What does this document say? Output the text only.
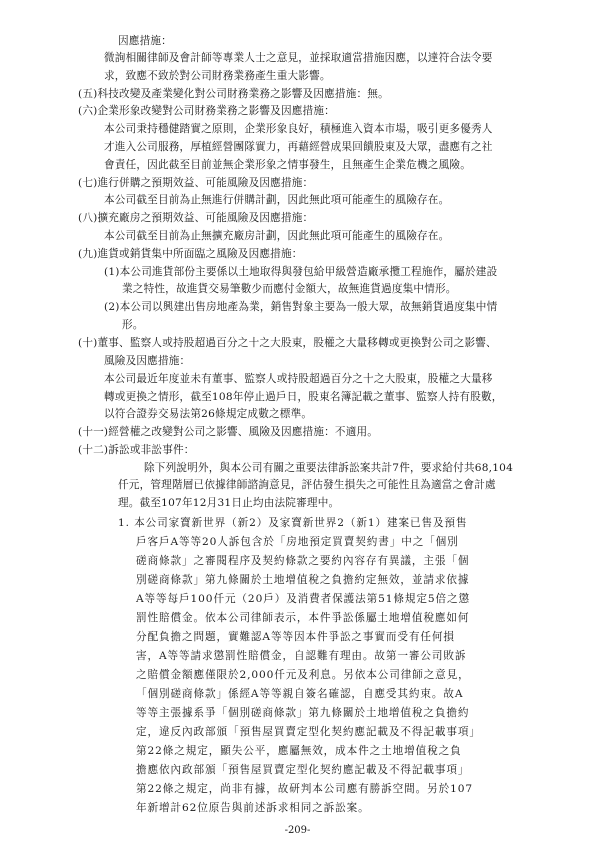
因應措施：
微詢相關律師及會計師等專業人士之意見，並採取適當措施因應，以達符合法令要
求，致應不致於對公司財務業務產生重大影響。
(五)科技改變及產業變化對公司財務業務之影響及因應措施：無。
(六)企業形象改變對公司財務業務之影響及因應措施：
本公司秉持穩健踏實之原則，企業形象良好，積極進入資本市場，吸引更多優秀人
才進入公司服務，厚植經營團隊實力，再藉經營成果回饋股東及大眾，盡應有之社
會責任，因此截至目前並無企業形象之情事發生，且無產生企業危機之風險。
(七)進行併購之預期效益、可能風險及因應措施：
本公司截至目前為止無進行併購計劃，因此無此項可能產生的風險存在。
(八)擴充廠房之預期效益、可能風險及因應措施：
本公司截至目前為止無擴充廠房計劃，因此無此項可能產生的風險存在。
(九)進貨或銷貨集中所面臨之風險及因應措施：
(1)本公司進貨部份主要係以土地取得與發包給甲級營造廠承攬工程施作，屬於建設
業之特性，故進貨交易筆數少而應付金額大，故無進貨過度集中情形。
(2)本公司以興建出售房地產為業，銷售對象主要為一般大眾，故無銷貨過度集中情
形。
(十)董事、監察人或持股超過百分之十之大股東，股權之大量移轉或更換對公司之影響、
風險及因應措施：
本公司最近年度並未有董事、監察人或持股超過百分之十之大股東，股權之大量移
轉或更換之情形，截至108年停止過戶日，股東名簿記載之董事、監察人持有股數，
以符合證券交易法第26條規定成數之標準。
(十一)經營權之改變對公司之影響、風險及因應措施：不適用。
(十二)訴訟或非訟事件：
除下列說明外，與本公司有關之重要法律訴訟案共計7件，要求給付共68,104
仟元，管理階層已依據律師諮詢意見，評估發生損失之可能性且為適當之會計處
理。截至107年12月31日止均由法院審理中。
1. 本公司家寶新世界（新2）及家寶新世界2（新1）建案已售及預售
戶客戶A等等20人訴包含於「房地預定買賣契約書」中之「個別
磋商條款」之審閱程序及契約條款之要約內容存有異議，主張「個
別磋商條款」第九條關於土地增值稅之負擔約定無效，並請求依據
A等等每戶100仟元（20戶）及消費者保護法第51條規定5倍之懲
罰性賠償金。依本公司律師表示，本件爭訟係屬土地增值稅應如何
分配負擔之問題，實難認A等等因本件爭訟之事實而受有任何損
害，A等等請求懲罰性賠償金，自認難有理由。故第一審公司敗訴
之賠償金額應僅限於2,000仟元及利息。另依本公司律師之意見，
「個別磋商條款」係經A等等親自簽名確認，自應受其約束。故A
等等主張據系爭「個別磋商條款」第九條關於土地增值稅之負擔約
定，違反內政部頒「預售屋買賣定型化契約應記載及不得記載事項」
第22條之規定，顯失公平，應屬無效，成本件之土地增值稅之負
擔應依內政部頒「預售屋買賣定型化契約應記載及不得記載事項」
第22條之規定，尚非有據，故研判本公司應有勝訴空間。另於107
年新增計62位原告與前述訴求相同之訴訟案。
-209-
